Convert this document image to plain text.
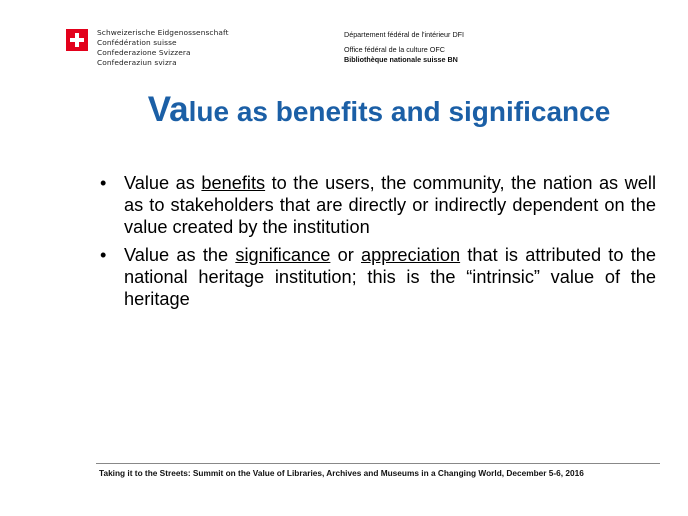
Schweizerische Eidgenossenschaft
Confédération suisse
Confederazione Svizzera
Confederaziun svizra
Département fédéral de l'intérieur DFI
Office fédéral de la culture OFC
Bibliothèque nationale suisse BN
Value as benefits and significance
• Value as benefits to the users, the community, the nation as well as to stakeholders that are directly or indirectly dependent on the value created by the institution
• Value as the significance or appreciation that is attributed to the national heritage institution; this is the “intrinsic” value of the heritage
Taking it to the Streets: Summit on the Value of Libraries, Archives and Museums in a Changing World, December 5-6, 2016
